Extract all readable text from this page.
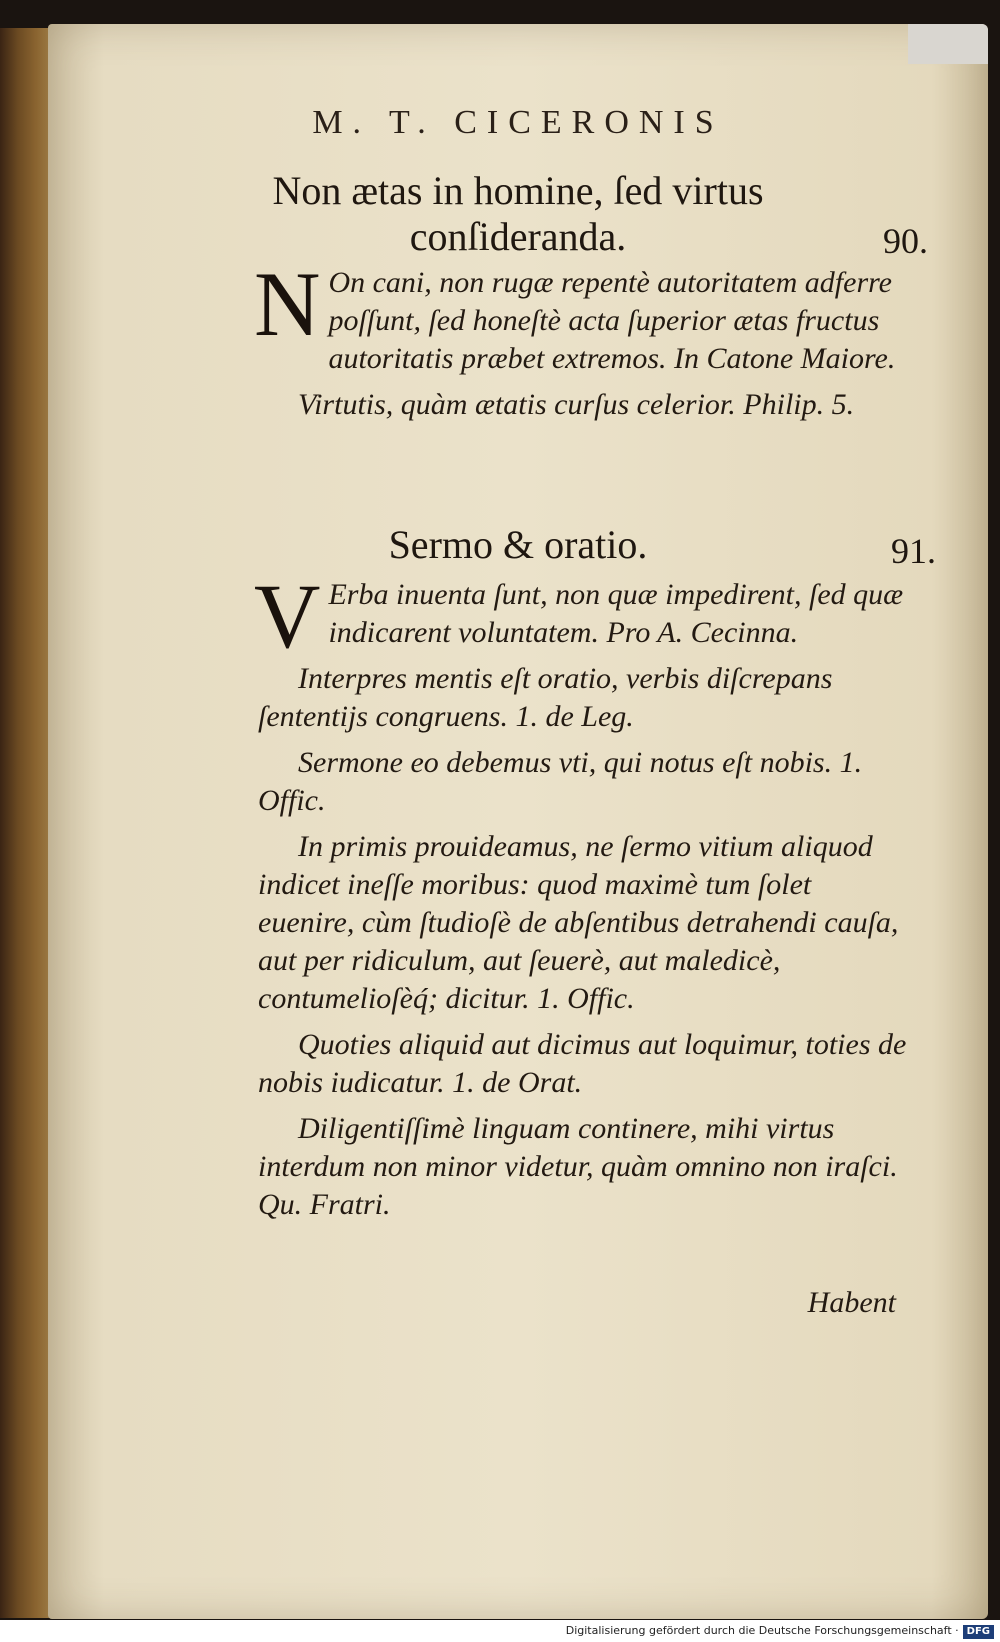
M. T. CICERONIS
Non ætas in homine, ſed virtus
conſideranda.	90.

N On cani, non rugæ repentè autoritatem adferre poſſunt, ſed honeſtè acta ſuperior ætas fructus autoritatis præbet extremos. In Catone Maiore.

Virtutis, quàm ætatis curſus celerior. Philip. 5.

Sermo & oratio.	91.

V Erba inuenta ſunt, non quæ impedirent, ſed quæ indicarent voluntatem. Pro A. Cecinna.

Interpres mentis eſt oratio, verbis diſcrepans ſententijs congruens. 1. de Leg.

Sermone eo debemus vti, qui notus eſt nobis. 1. Offic.

In primis prouideamus, ne ſermo vitium aliquod indicet ineſſe moribus: quod maximè tum ſolet euenire, cùm ſtudioſè de abſentibus detrahendi cauſa, aut per ridiculum, aut ſeuerè, aut maledicè, contumelioſèq́; dicitur. 1. Offic.

Quoties aliquid aut dicimus aut loquimur, toties de nobis iudicatur. 1. de Orat.

Diligentiſſimè linguam continere, mihi virtus interdum non minor videtur, quàm omnino non iraſci. Qu. Fratri.

Habent
Digitalisierung gefördert durch die Deutsche Forschungsgemeinschaft · DFG
